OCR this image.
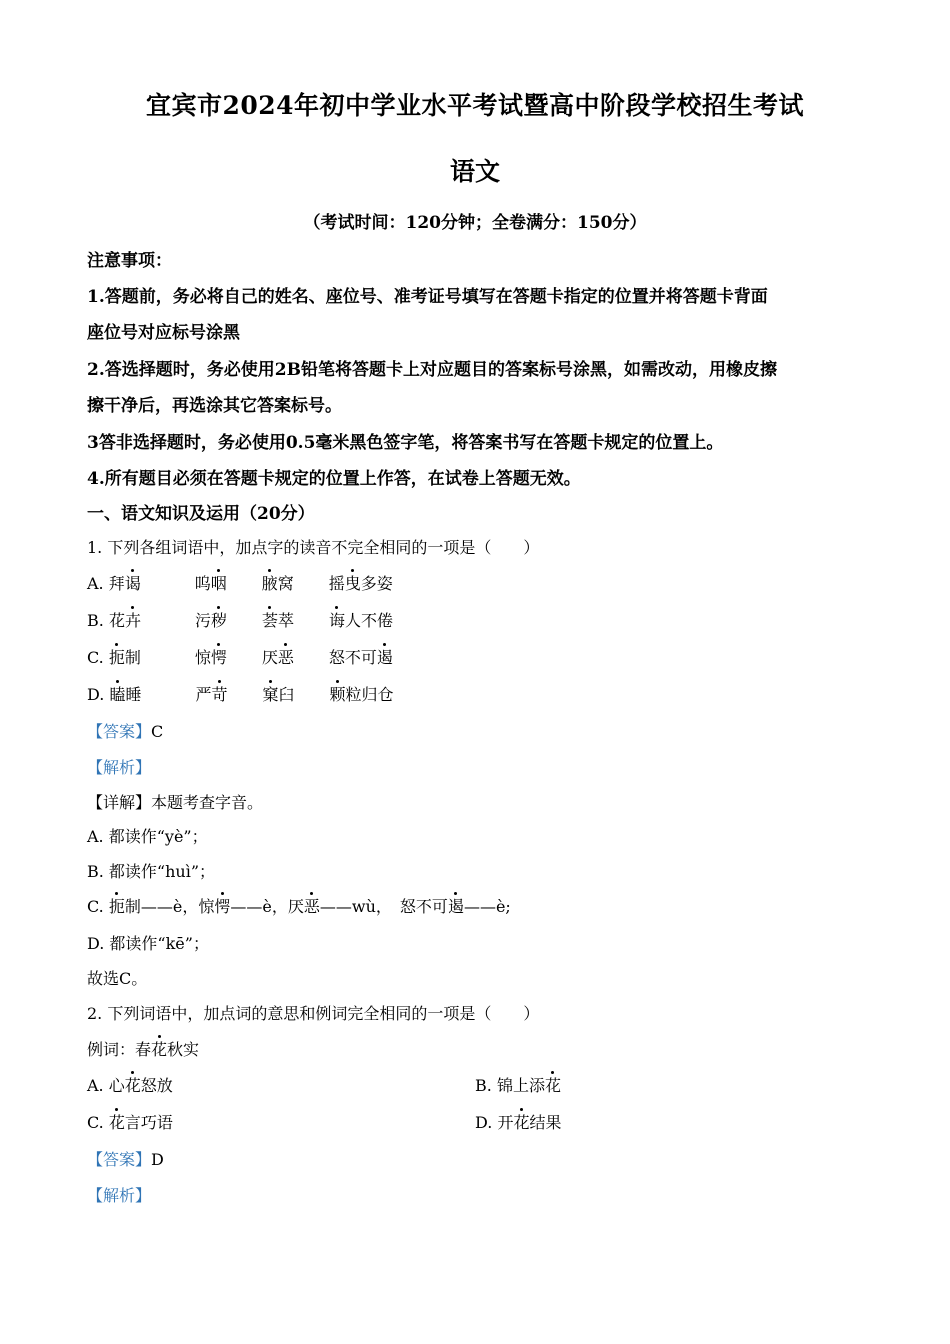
宜宾市2024年初中学业水平考试暨高中阶段学校招生考试
语文
（考试时间：120分钟；全卷满分：150分）
注意事项：
1.答题前，务必将自己的姓名、座位号、准考证号填写在答题卡指定的位置并将答题卡背面
座位号对应标号涂黑
2.答选择题时，务必使用2B铅笔将答题卡上对应题目的答案标号涂黑，如需改动，用橡皮擦
擦干净后，再选涂其它答案标号。
3答非选择题时，务必使用0.5毫米黑色签字笔，将答案书写在答题卡规定的位置上。
4.所有题目必须在答题卡规定的位置上作答，在试卷上答题无效。
一、语文知识及运用（20分）
1. 下列各组词语中，加点字的读音不完全相同的一项是（　　）
A. 拜谒	呜咽 腋窝 摇曳多姿
B. 花卉	污秽 荟萃 诲人不倦
C. 扼制	惊愕 厌恶 怒不可遏
D. 瞌睡	严苛 窠臼 颗粒归仓
【答案】C
【解析】
【详解】本题考查字音。
A. 都读作“yè”；
B. 都读作“huì”；
C. 扼制——è，惊愕——è，厌恶——wù，　怒不可遏——è;
D. 都读作“kē”；
故选C。
2. 下列词语中，加点词的意思和例词完全相同的一项是（　　）
例词：春花秋实
A. 心花怒放	B. 锦上添花
C. 花言巧语	D. 开花结果
【答案】D
【解析】
